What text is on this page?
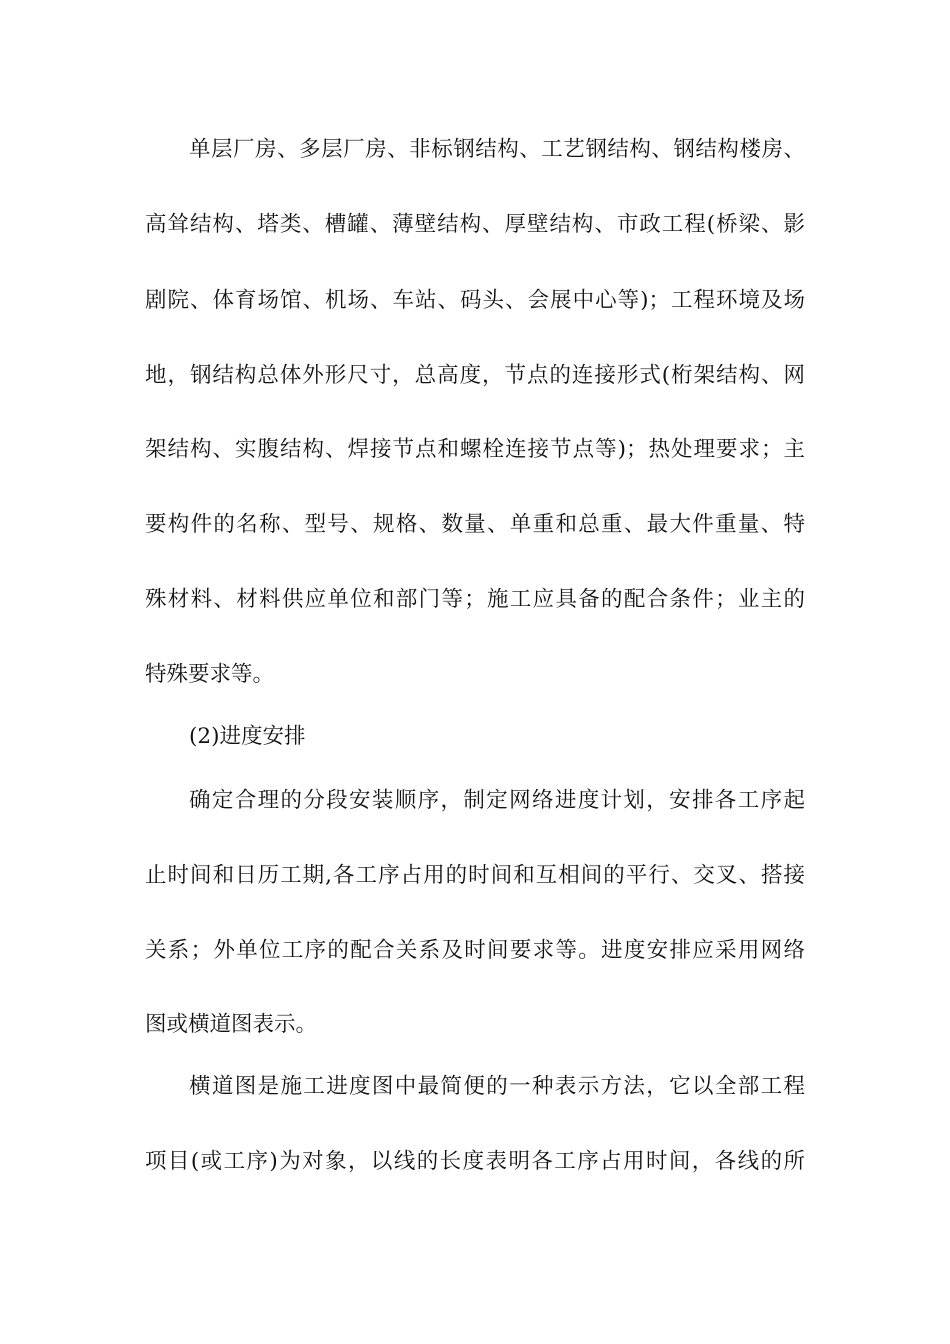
单层厂房、多层厂房、非标钢结构、工艺钢结构、钢结构楼房、
高耸结构、塔类、槽罐、薄壁结构、厚壁结构、市政工程(桥梁、影
剧院、体育场馆、机场、车站、码头、会展中心等)；工程环境及场
地，钢结构总体外形尺寸，总高度，节点的连接形式(桁架结构、网
架结构、实腹结构、焊接节点和螺栓连接节点等)；热处理要求；主
要构件的名称、型号、规格、数量、单重和总重、最大件重量、特
殊材料、材料供应单位和部门等；施工应具备的配合条件；业主的
特殊要求等。
(2)进度安排
确定合理的分段安装顺序，制定网络进度计划，安排各工序起
止时间和日历工期,各工序占用的时间和互相间的平行、交叉、搭接
关系；外单位工序的配合关系及时间要求等。进度安排应采用网络
图或横道图表示。
横道图是施工进度图中最简便的一种表示方法，它以全部工程
项目(或工序)为对象，以线的长度表明各工序占用时间，各线的所
